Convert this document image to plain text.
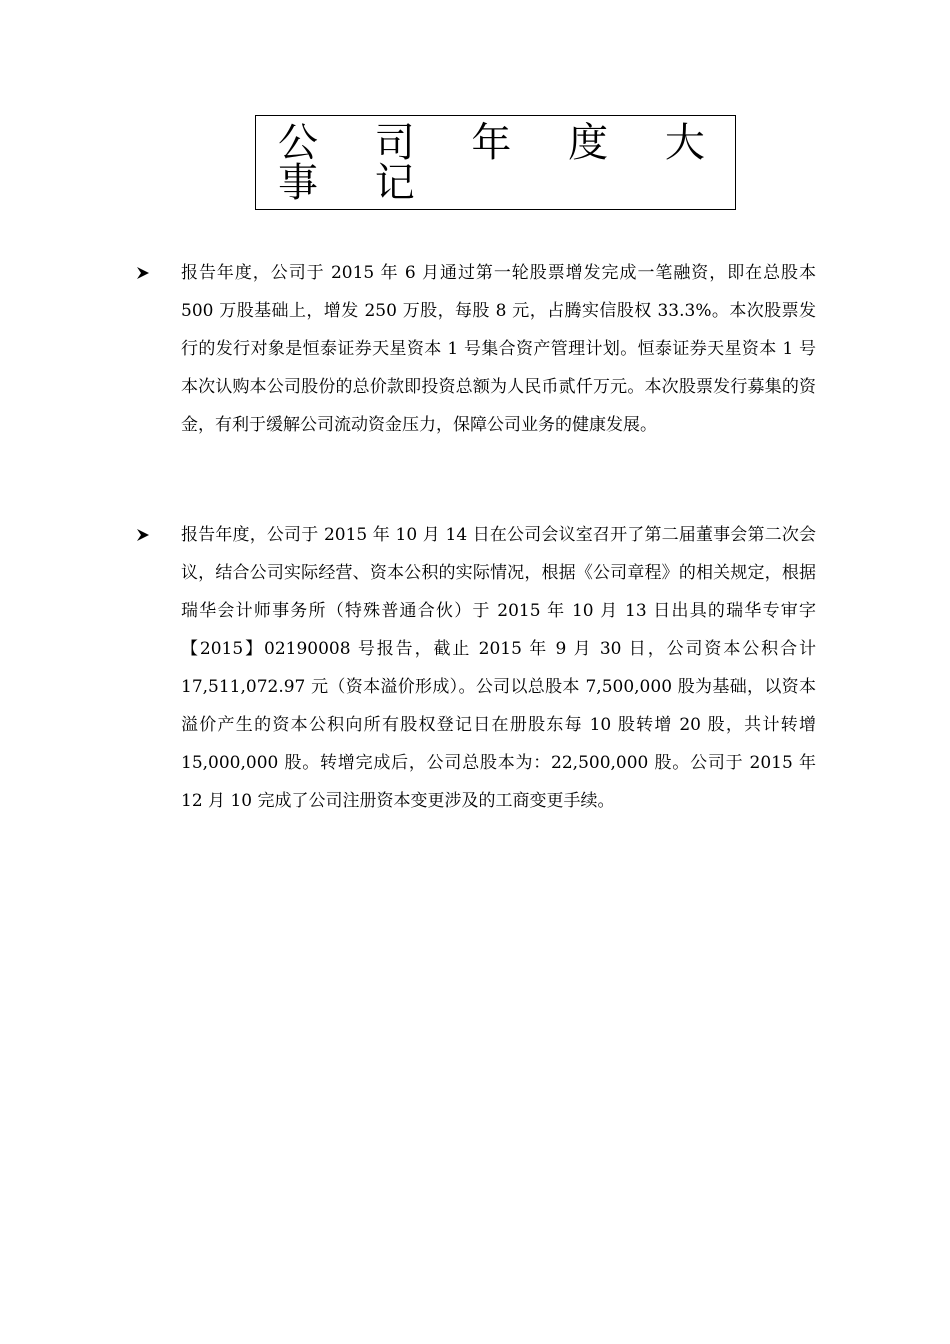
公 司 年 度 大 事 记

报告年度，公司于 2015 年 6 月通过第一轮股票增发完成一笔融资，即在总股本 500 万股基础上，增发 250 万股，每股 8 元，占腾实信股权 33.3%。本次股票发行的发行对象是恒泰证券天星资本 1 号集合资产管理计划。恒泰证券天星资本 1 号本次认购本公司股份的总价款即投资总额为人民币贰仟万元。本次股票发行募集的资金，有利于缓解公司流动资金压力，保障公司业务的健康发展。

报告年度，公司于 2015 年 10 月 14 日在公司会议室召开了第二届董事会第二次会议，结合公司实际经营、资本公积的实际情况，根据《公司章程》的相关规定，根据瑞华会计师事务所（特殊普通合伙）于 2015 年 10 月 13 日出具的瑞华专审字【2015】02190008 号报告，截止 2015 年 9 月 30 日，公司资本公积合计 17,511,072.97 元（资本溢价形成）。公司以总股本 7,500,000 股为基础，以资本溢价产生的资本公积向所有股权登记日在册股东每 10 股转增 20 股，共计转增 15,000,000 股。转增完成后，公司总股本为：22,500,000 股。公司于 2015 年 12 月 10 完成了公司注册资本变更涉及的工商变更手续。
